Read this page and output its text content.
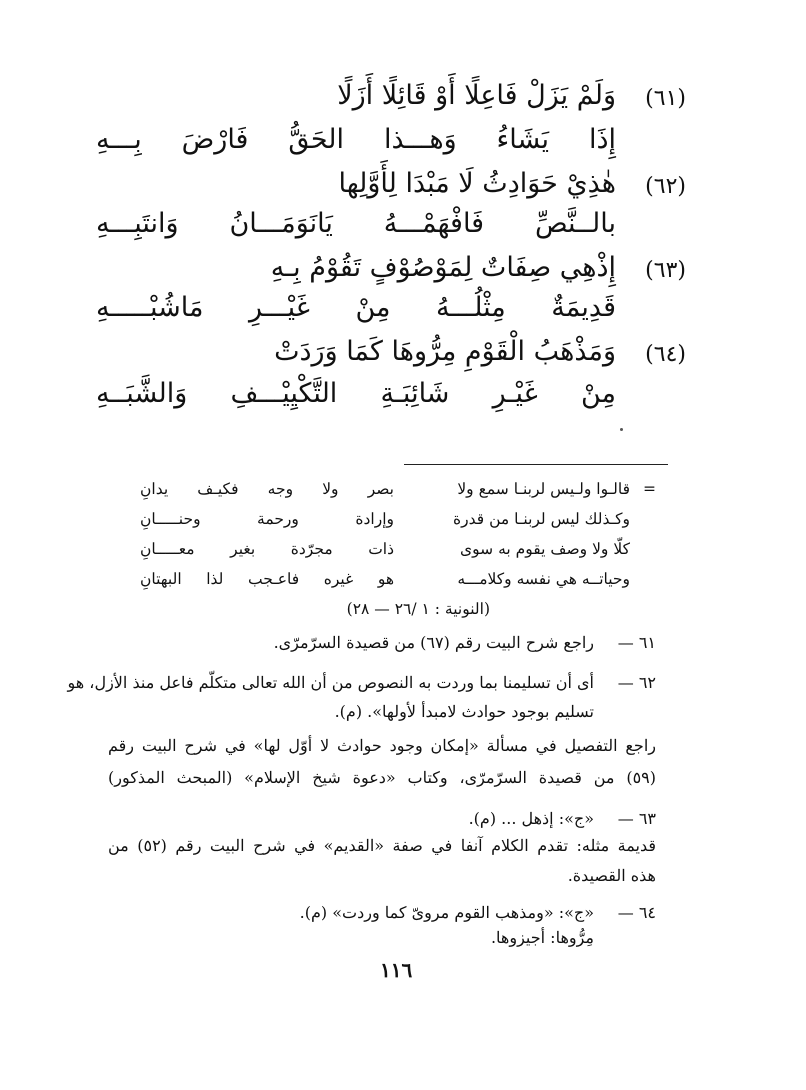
(٦١)
وَلَمْ يَزَلْ فَاعِلًا أَوْ قَائِلًا أَزَلًا
إِذَا يَشَاءُ وَهـــذا الحَقُّ فَارْضَ بِـــهِ
(٦٢)
هٰذِيْ حَوَادِثُ لَا مَبْدَا لِأَوَّلِها
بالــنَّصِّ فَافْهَمْـــهُ يَانَوَمَـــانُ وَانتَبِـــهِ
(٦٣)
إِذْهِي صِفَاتٌ لِمَوْصُوْفٍ تَقُوْمُ بِـهِ
قَدِيمَةٌ مِثْلُـــهُ مِنْ غَيْـــرِ مَاشُبْـــــهِ
(٦٤)
وَمَذْهَبُ الْقَوْمِ مِرُّوهَا كَمَا وَرَدَتْ
مِنْ غَيْـرِ شَائِبَـةِ التَّكْيِيْـــفِ وَالشَّبَــهِ
=
قالـوا ولـيس لربنـا سمع ولا
بصر ولا وجه فكيـف يدانِ
وكـذلك ليس لربنـا من قدرة
وإرادة ورحمة وحنـــــانِ
كلّا ولا وصف يقوم به سوى
ذات مجرّدة بغير معـــــانِ
وحياتــه هي نفسه وكلامـــه
هو غيره فاعـجب لذا البهتانِ
(النونية : ١ /٢٦ — ٢٨)
٦١ —
راجع شرح البيت رقم (٦٧) من قصيدة السرّمرّى.
٦٢ —
أى أن تسليمنا بما وردت به النصوص من أن الله تعالى متكلّم فاعل منذ الأزل، هو
تسليم بوجود حوادث لامبدأ لأولها». (م).
راجع التفصيل في مسألة «إمكان وجود حوادث لا أوّل لها» في شرح البيت رقم
(٥٩) من قصيدة السرّمرّى، وكتاب «دعوة شيخ الإسلام» (المبحث المذكور)
٦٣ —
«ج»: إذهل ... (م).
قديمة مثله: تقدم الكلام آنفا في صفة «القديم» في شرح البيت رقم (٥٢) من
هذه القصيدة.
٦٤ —
«ج»: «ومذهب القوم مروىّ كما وردت» (م).
مِرُّوها: أجيزوها.
١١٦
